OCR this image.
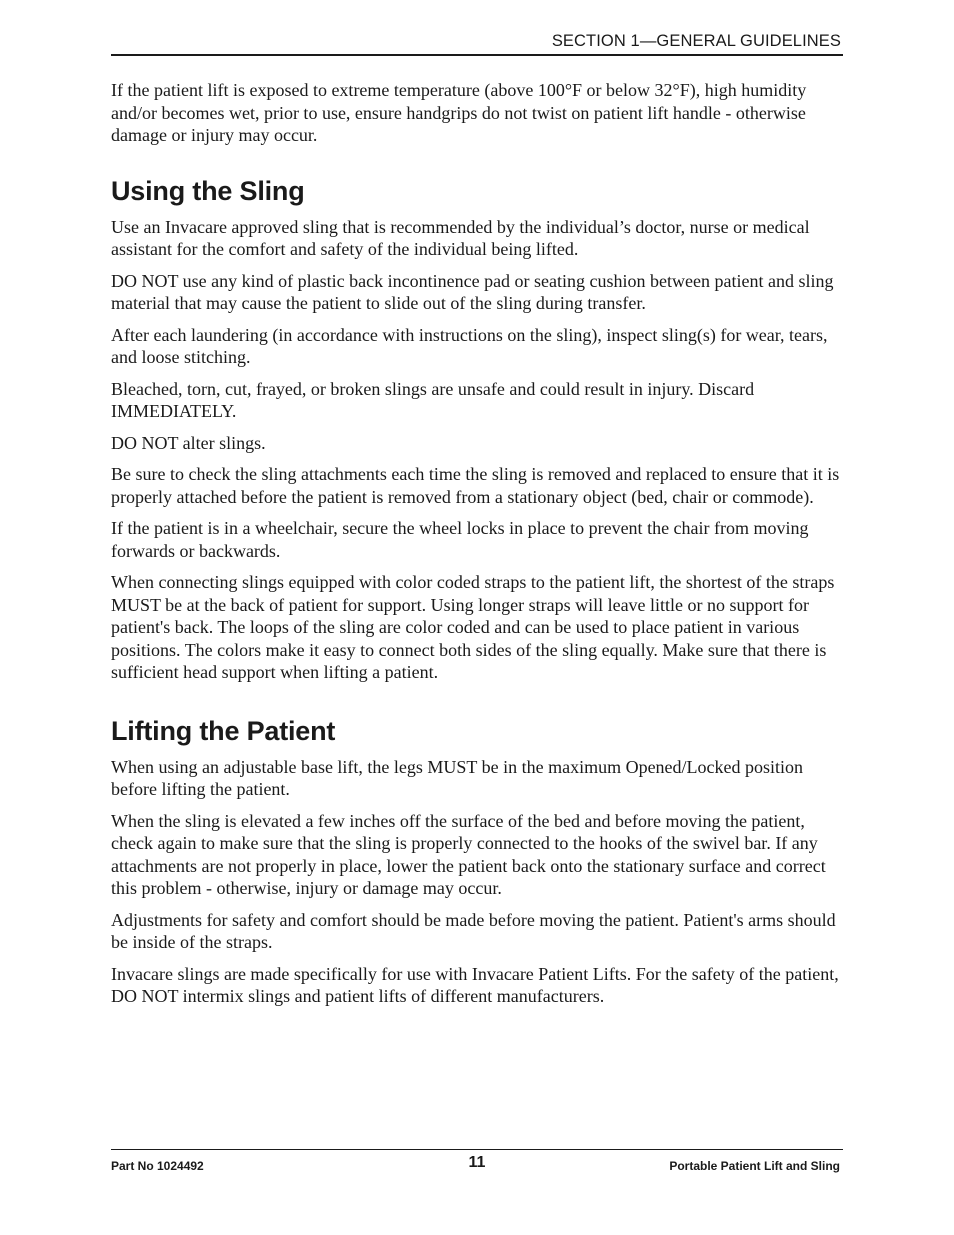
SECTION 1—GENERAL GUIDELINES

If the patient lift is exposed to extreme temperature (above 100°F or below 32°F), high humidity and/or becomes wet, prior to use, ensure handgrips do not twist on patient lift handle - otherwise damage or injury may occur.

Using the Sling

Use an Invacare approved sling that is recommended by the individual’s doctor, nurse or medical assistant for the comfort and safety of the individual being lifted.

DO NOT use any kind of plastic back incontinence pad or seating cushion between patient and sling material that may cause the patient to slide out of the sling during transfer.

After each laundering (in accordance with instructions on the sling), inspect sling(s) for wear, tears, and loose stitching.

Bleached, torn, cut, frayed, or broken slings are unsafe and could result in injury. Discard IMMEDIATELY.

DO NOT alter slings.

Be sure to check the sling attachments each time the sling is removed and replaced to ensure that it is properly attached before the patient is removed from a stationary object (bed, chair or commode).

If the patient is in a wheelchair, secure the wheel locks in place to prevent the chair from moving forwards or backwards.

When connecting slings equipped with color coded straps to the patient lift, the shortest of the straps MUST be at the back of patient for support. Using longer straps will leave little or no support for patient's back. The loops of the sling are color coded and can be used to place patient in various positions. The colors make it easy to connect both sides of the sling equally. Make sure that there is sufficient head support when lifting a patient.

Lifting the Patient

When using an adjustable base lift, the legs MUST be in the maximum Opened/Locked position before lifting the patient.

When the sling is elevated a few inches off the surface of the bed and before moving the patient, check again to make sure that the sling is properly connected to the hooks of the swivel bar. If any attachments are not properly in place, lower the patient back onto the stationary surface and correct this problem - otherwise, injury or damage may occur.

Adjustments for safety and comfort should be made before moving the patient. Patient's arms should be inside of the straps.

Invacare slings are made specifically for use with Invacare Patient Lifts. For the safety of the patient, DO NOT intermix slings and patient lifts of different manufacturers.

Part No 1024492	11	Portable Patient Lift and Sling
